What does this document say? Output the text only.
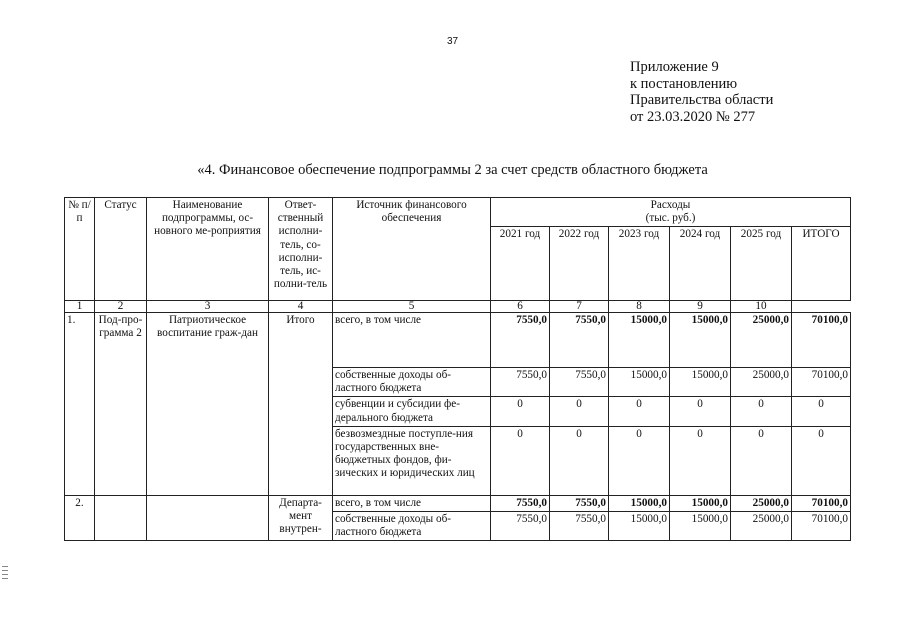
37
Приложение 9
к постановлению
Правительства области
от 23.03.2020 № 277
«4. Финансовое обеспечение подпрограммы 2 за счет средств областного бюджета
№ п/п	Статус	Наименование подпрограммы, ос-новного ме-роприятия	Ответ-ственный исполни-тель, со-исполни-тель, ис-полни-тель	Источник финансового обеспечения	Расходы
(тыс. руб.)					

					2021 год	2022 год	2023 год	2024 год	2025 год	ИТОГО
1	2	3	4	5	6	7	8	9	10	
1.	Под-про-грамма 2	Патриотическое воспитание граж-дан	Итого	всего, в том числе	7550,0	7550,0	15000,0	15000,0	25000,0	70100,0
				собственные доходы об-ластного бюджета	7550,0	7550,0	15000,0	15000,0	25000,0	70100,0
				субвенции и субсидии фе-дерального бюджета	0	0	0	0	0	0
				безвозмездные поступле-ния государственных вне-бюджетных фондов, фи-зических и юридических лиц	0	0	0	0	0	0
2.			Департа-мент внутрен-	всего, в том числе	7550,0	7550,0	15000,0	15000,0	25000,0	70100,0
				собственные доходы об-ластного бюджета	7550,0	7550,0	15000,0	15000,0	25000,0	70100,0
